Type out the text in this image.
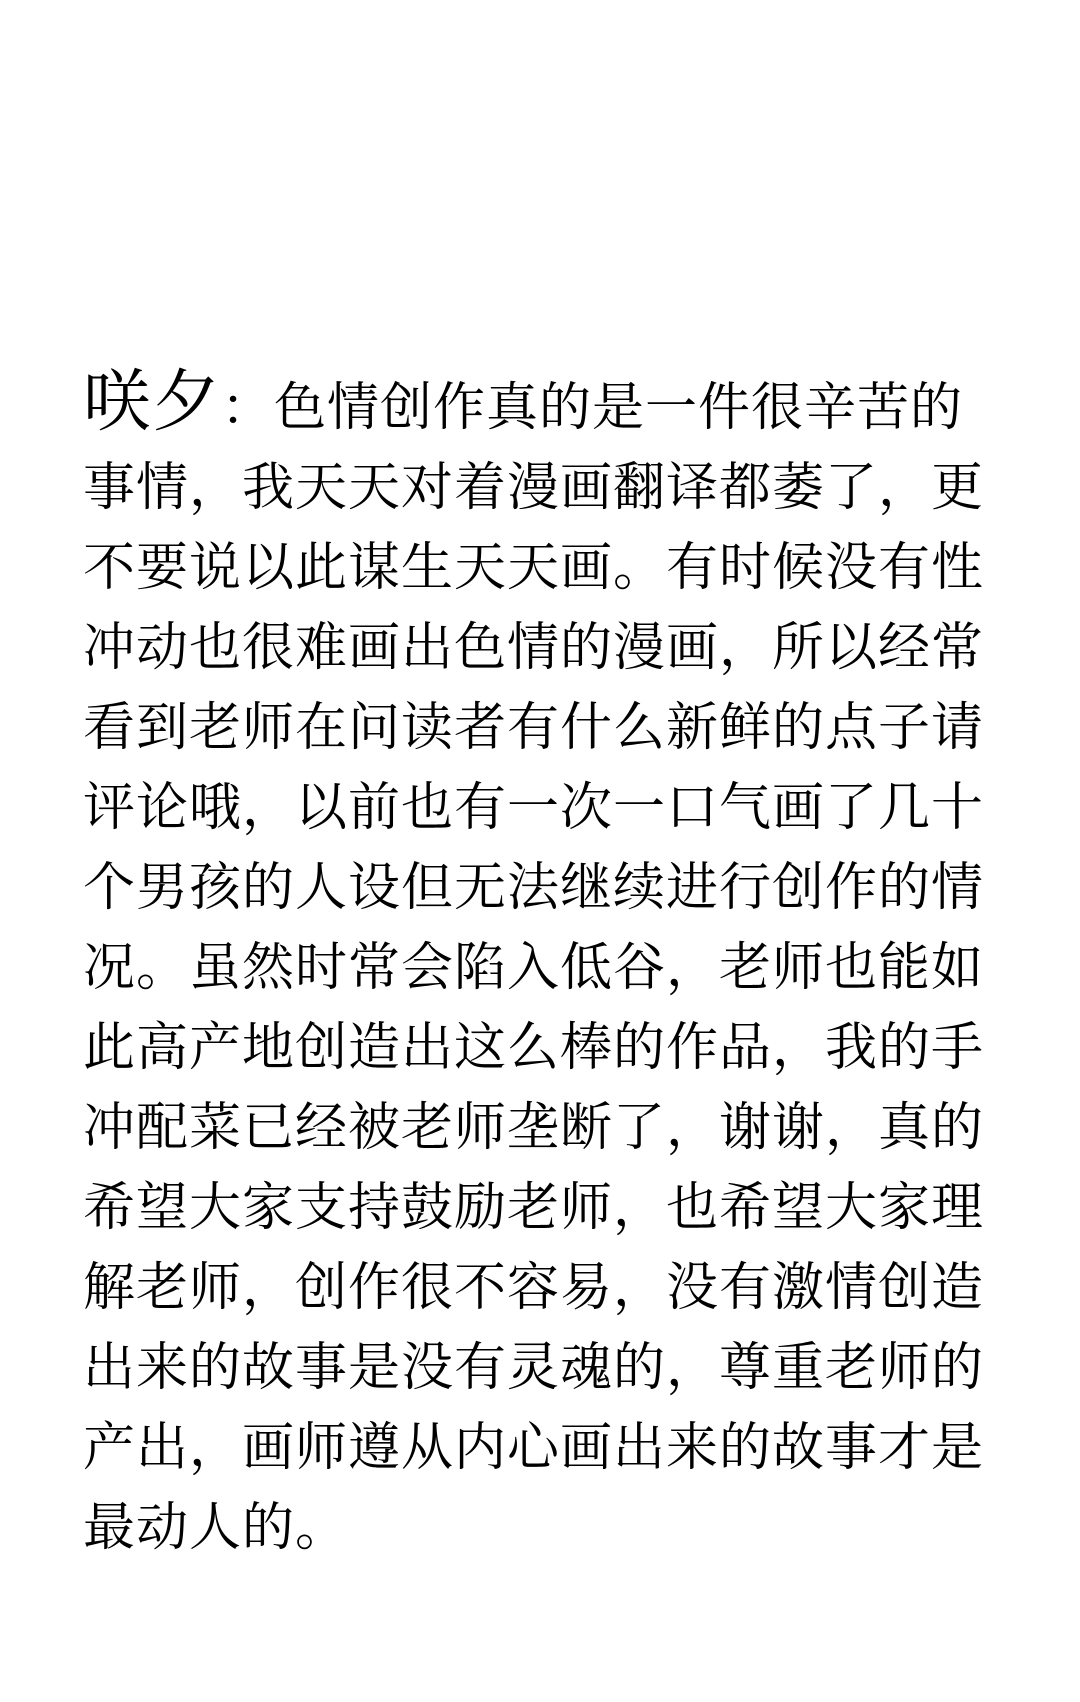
咲夕：色情创作真的是一件很辛苦的事情，我天天对着漫画翻译都萎了，更不要说以此谋生天天画。有时候没有性冲动也很难画出色情的漫画，所以经常看到老师在问读者有什么新鲜的点子请评论哦，以前也有一次一口气画了几十个男孩的人设但无法继续进行创作的情况。虽然时常会陷入低谷，老师也能如此高产地创造出这么棒的作品，我的手冲配菜已经被老师垄断了，谢谢，真的希望大家支持鼓励老师，也希望大家理解老师，创作很不容易，没有激情创造出来的故事是没有灵魂的，尊重老师的产出，画师遵从内心画出来的故事才是最动人的。
